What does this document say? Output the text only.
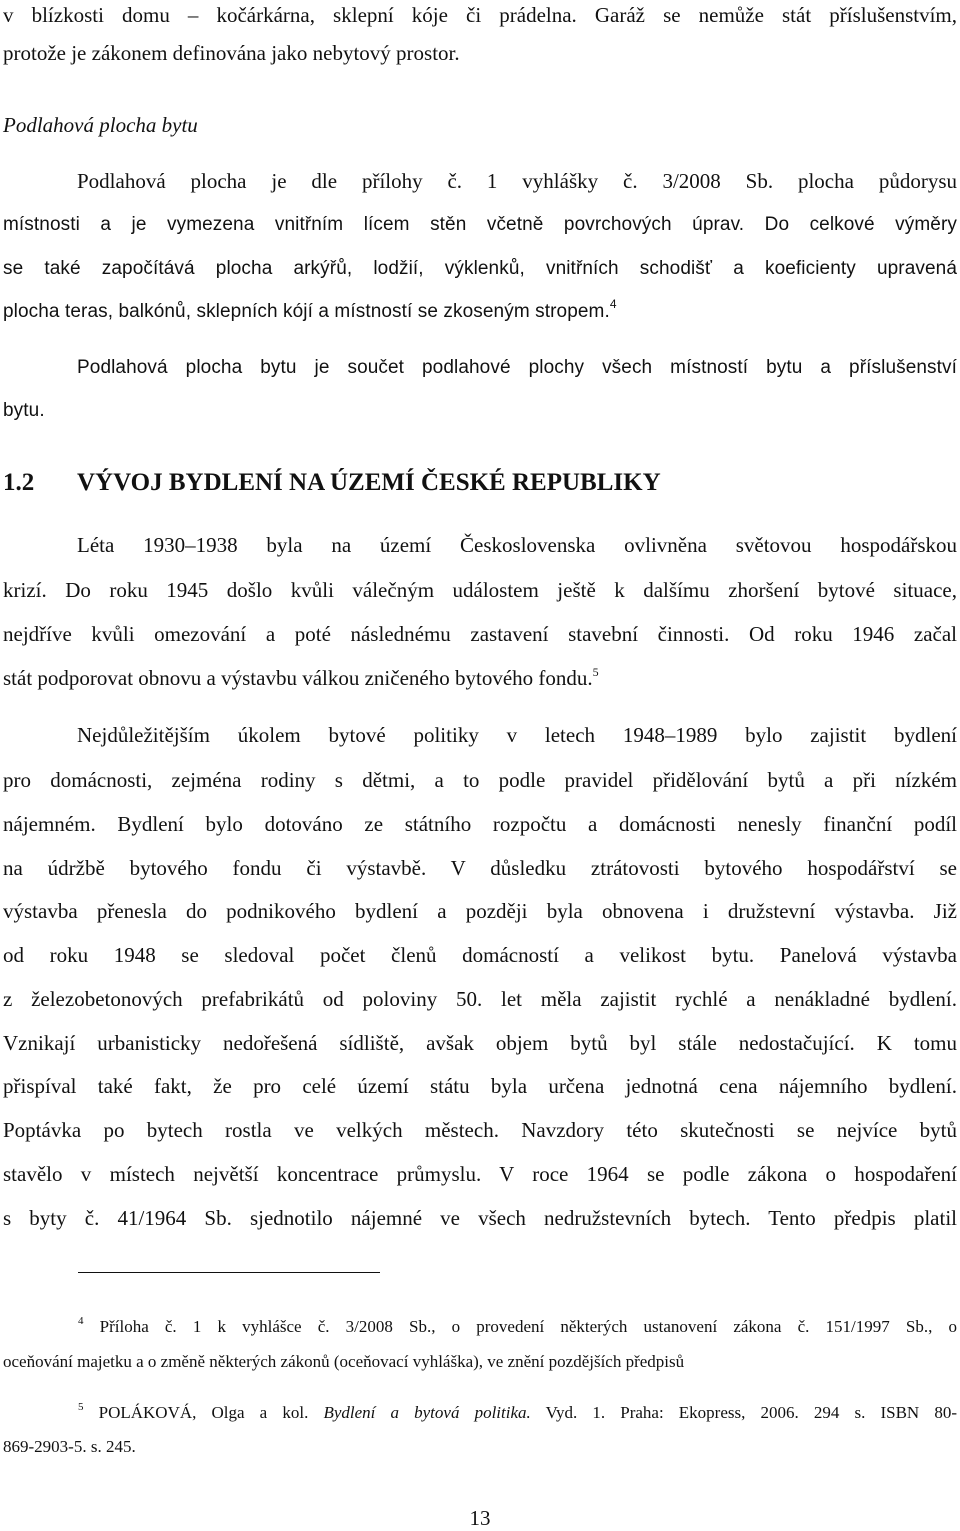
v blízkosti domu – kočárkárna, sklepní kóje či prádelna. Garáž se nemůže stát příslušenstvím,
protože je zákonem definována jako nebytový prostor.
Podlahová plocha bytu
Podlahová plocha je dle přílohy č. 1 vyhlášky č. 3/2008 Sb. plocha půdorysu
místnosti a je vymezena vnitřním lícem stěn včetně povrchových úprav. Do celkové výměry
se také započítává plocha arkýřů, lodžií, výklenků, vnitřních schodišť a koeficienty upravená
plocha teras, balkónů, sklepních kójí a místností se zkoseným stropem.$^4$
Podlahová plocha bytu je součet podlahové plochy všech místností bytu a příslušenství
bytu.
1.2 VÝVOJ BYDLENÍ NA ÚZEMÍ ČESKÉ REPUBLIKY
Léta 1930–1938 byla na území Československa ovlivněna světovou hospodářskou
krizí. Do roku 1945 došlo kvůli válečným událostem ještě k dalšímu zhoršení bytové situace,
nejdříve kvůli omezování a poté následnému zastavení stavební činnosti. Od roku 1946 začal
stát podporovat obnovu a výstavbu válkou zničeného bytového fondu.$^5$
Nejdůležitějším úkolem bytové politiky v letech 1948–1989 bylo zajistit bydlení
pro domácnosti, zejména rodiny s dětmi, a to podle pravidel přidělování bytů a při nízkém
nájemném. Bydlení bylo dotováno ze státního rozpočtu a domácnosti nenesly finanční podíl
na údržbě bytového fondu či výstavbě. V důsledku ztrátovosti bytového hospodářství se
výstavba přenesla do podnikového bydlení a později byla obnovena i družstevní výstavba. Již
od roku 1948 se sledoval počet členů domácností a velikost bytu. Panelová výstavba
z železobetonových prefabrikátů od poloviny 50. let měla zajistit rychlé a nenákladné bydlení.
Vznikají urbanisticky nedořešená sídliště, avšak objem bytů byl stále nedostačující. K tomu
přispíval také fakt, že pro celé území státu byla určena jednotná cena nájemního bydlení.
Poptávka po bytech rostla ve velkých městech. Navzdory této skutečnosti se nejvíce bytů
stavělo v místech největší koncentrace průmyslu. V roce 1964 se podle zákona o hospodaření
s byty č. 41/1964 Sb. sjednotilo nájemné ve všech nedružstevních bytech. Tento předpis platil
$^4$ Příloha č. 1 k vyhlášce č. 3/2008 Sb., o provedení některých ustanovení zákona č. 151/1997 Sb., o
oceňování majetku a o změně některých zákonů (oceňovací vyhláška), ve znění pozdějších předpisů
$^5$ POLÁKOVÁ, Olga a kol. Bydlení a bytová politika. Vyd. 1. Praha: Ekopress, 2006. 294 s. ISBN 80-
869-2903-5. s. 245.
13
